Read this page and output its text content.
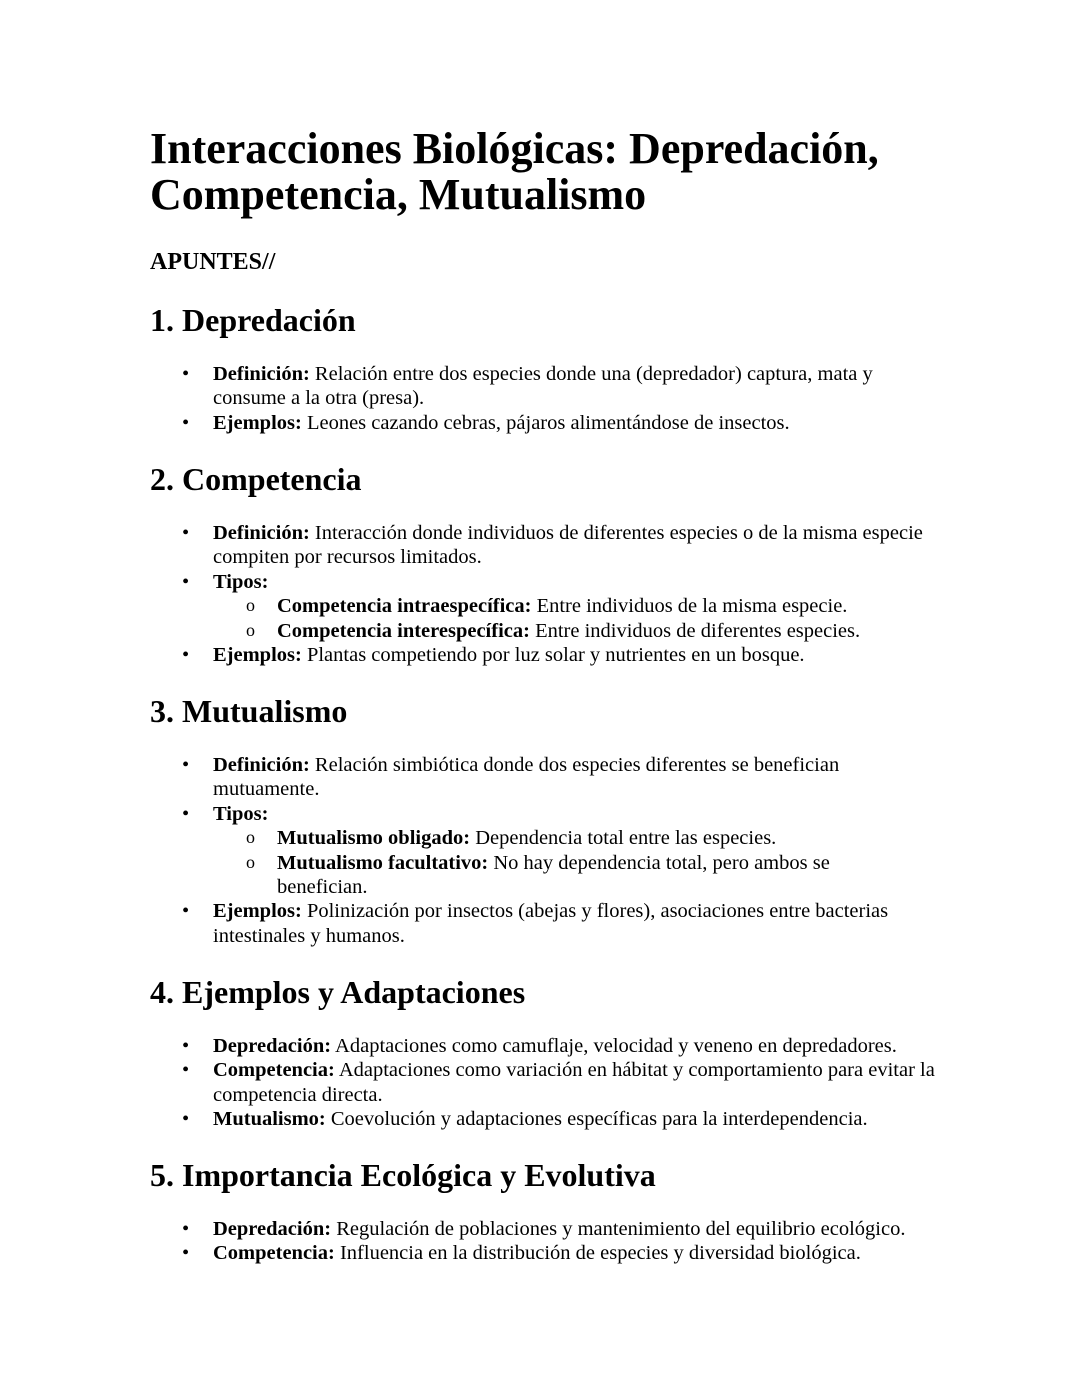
Interacciones Biológicas: Depredación, Competencia, Mutualismo

APUNTES//

1. Depredación
• Definición: Relación entre dos especies donde una (depredador) captura, mata y consume a la otra (presa).
• Ejemplos: Leones cazando cebras, pájaros alimentándose de insectos.
2. Competencia
• Definición: Interacción donde individuos de diferentes especies o de la misma especie compiten por recursos limitados.
• Tipos:
o Competencia intraespecífica: Entre individuos de la misma especie.
o Competencia interespecífica: Entre individuos de diferentes especies.
• Ejemplos: Plantas competiendo por luz solar y nutrientes en un bosque.
3. Mutualismo
• Definición: Relación simbiótica donde dos especies diferentes se benefician mutuamente.
• Tipos:
o Mutualismo obligado: Dependencia total entre las especies.
o Mutualismo facultativo: No hay dependencia total, pero ambos se benefician.
• Ejemplos: Polinización por insectos (abejas y flores), asociaciones entre bacterias intestinales y humanos.
4. Ejemplos y Adaptaciones
• Depredación: Adaptaciones como camuflaje, velocidad y veneno en depredadores.
• Competencia: Adaptaciones como variación en hábitat y comportamiento para evitar la competencia directa.
• Mutualismo: Coevolución y adaptaciones específicas para la interdependencia.
5. Importancia Ecológica y Evolutiva
• Depredación: Regulación de poblaciones y mantenimiento del equilibrio ecológico.
• Competencia: Influencia en la distribución de especies y diversidad biológica.
